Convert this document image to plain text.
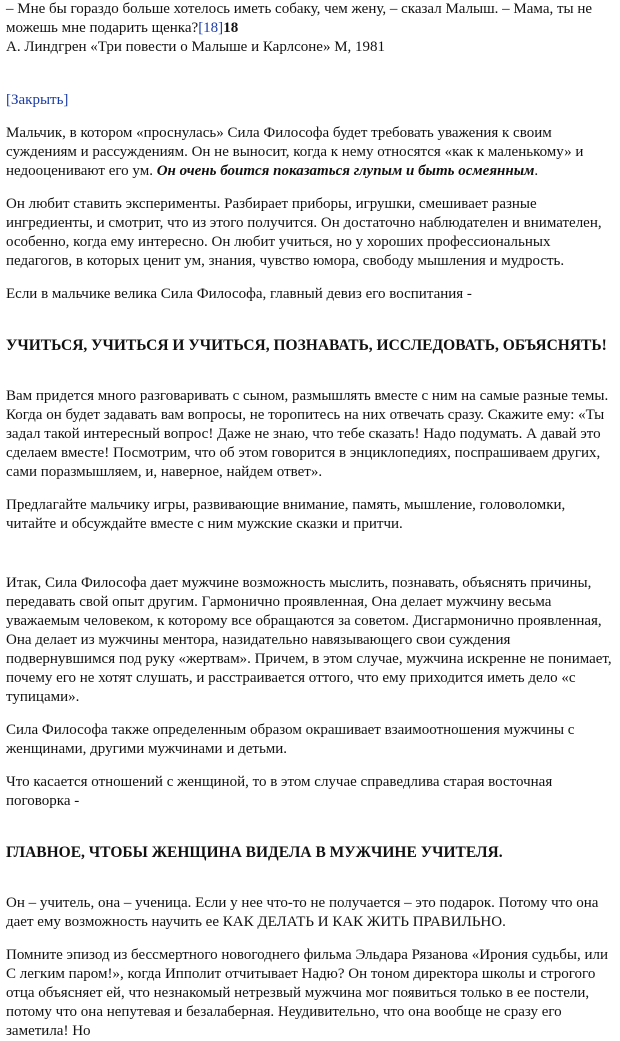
– Мне бы гораздо больше хотелось иметь собаку, чем жену, – сказал Малыш. – Мама, ты не можешь мне подарить щенка?[18]18

А. Линдгрен «Три повести о Малыше и Карлсоне» М, 1981

[Закрыть]

Мальчик, в котором «проснулась» Сила Философа будет требовать уважения к своим суждениям и рассуждениям. Он не выносит, когда к нему относятся «как к маленькому» и недооценивают его ум. Он очень боится показаться глупым и быть осмеянным.

Он любит ставить эксперименты. Разбирает приборы, игрушки, смешивает разные ингредиенты, и смотрит, что из этого получится. Он достаточно наблюдателен и внимателен, особенно, когда ему интересно. Он любит учиться, но у хороших профессиональных педагогов, в которых ценит ум, знания, чувство юмора, свободу мышления и мудрость.

Если в мальчике велика Сила Философа, главный девиз его воспитания -

УЧИТЬСЯ, УЧИТЬСЯ И УЧИТЬСЯ, ПОЗНАВАТЬ, ИССЛЕДОВАТЬ, ОБЪЯСНЯТЬ!

Вам придется много разговаривать с сыном, размышлять вместе с ним на самые разные темы. Когда он будет задавать вам вопросы, не торопитесь на них отвечать сразу. Скажите ему: «Ты задал такой интересный вопрос! Даже не знаю, что тебе сказать! Надо подумать. А давай это сделаем вместе! Посмотрим, что об этом говорится в энциклопедиях, поспрашиваем других, сами поразмышляем, и, наверное, найдем ответ».

Предлагайте мальчику игры, развивающие внимание, память, мышление, головоломки, читайте и обсуждайте вместе с ним мужские сказки и притчи.

Итак, Сила Философа дает мужчине возможность мыслить, познавать, объяснять причины, передавать свой опыт другим. Гармонично проявленная, Она делает мужчину весьма уважаемым человеком, к которому все обращаются за советом. Дисгармонично проявленная, Она делает из мужчины ментора, назидательно навязывающего свои суждения подвернувшимся под руку «жертвам». Причем, в этом случае, мужчина искренне не понимает, почему его не хотят слушать, и расстраивается оттого, что ему приходится иметь дело «с тупицами».

Сила Философа также определенным образом окрашивает взаимоотношения мужчины с женщинами, другими мужчинами и детьми.

Что касается отношений с женщиной, то в этом случае справедлива старая восточная поговорка -

ГЛАВНОЕ, ЧТОБЫ ЖЕНЩИНА ВИДЕЛА В МУЖЧИНЕ УЧИТЕЛЯ.

Он – учитель, она – ученица. Если у нее что-то не получается – это подарок. Потому что она дает ему возможность научить ее КАК ДЕЛАТЬ И КАК ЖИТЬ ПРАВИЛЬНО.

Помните эпизод из бессмертного новогоднего фильма Эльдара Рязанова «Ирония судьбы, или С легким паром!», когда Ипполит отчитывает Надю? Он тоном директора школы и строгого отца объясняет ей, что незнакомый нетрезвый мужчина мог появиться только в ее постели, потому что она непутевая и безалаберная. Неудивительно, что она вообще не сразу его заметила! Но
